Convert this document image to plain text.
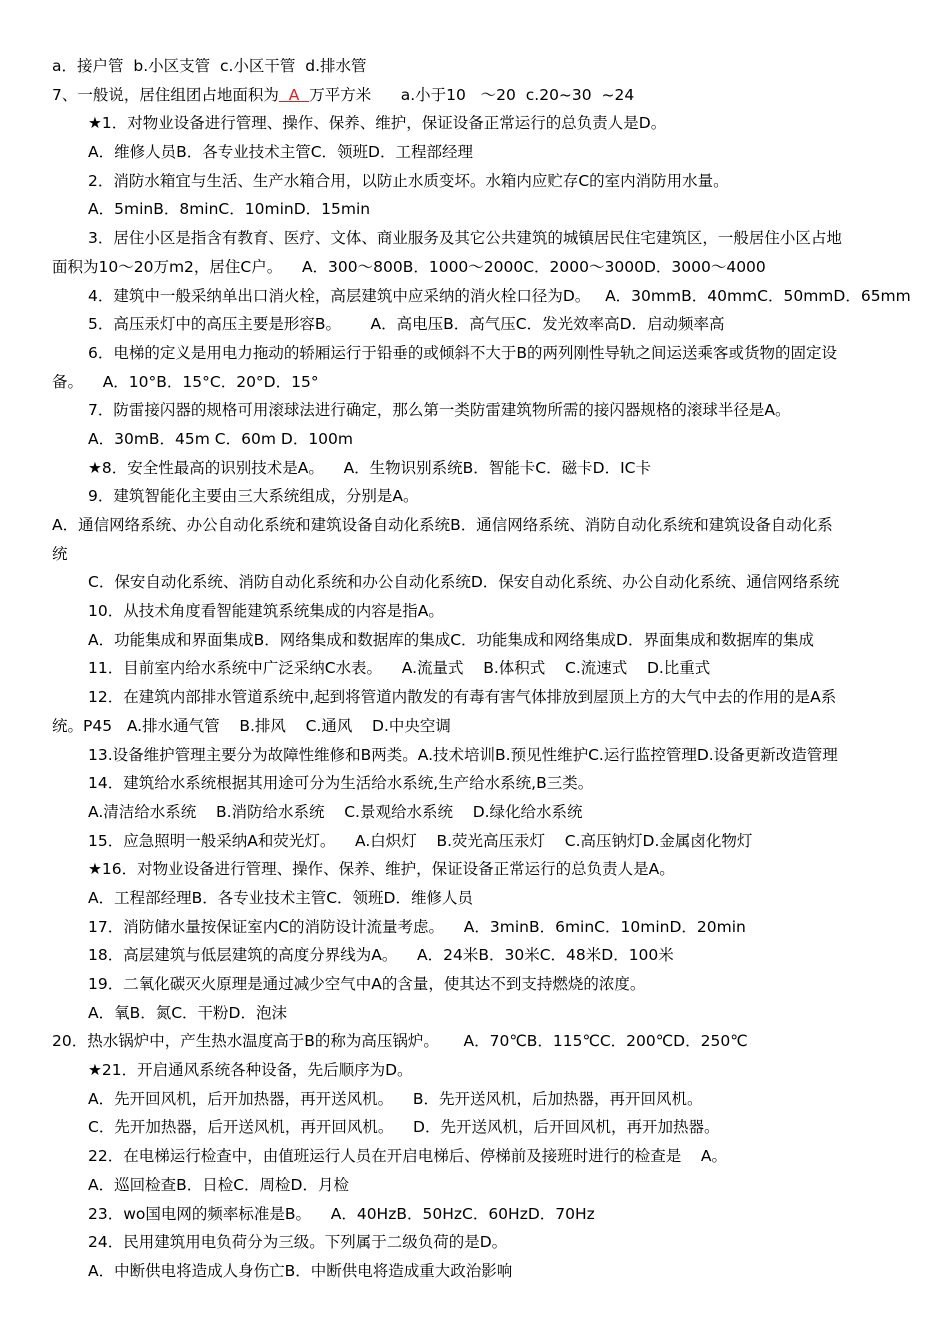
a．接户管  b.小区支管  c.小区干管  d.排水管
7、一般说，居住组团占地面积为  A  万平方米      a.小于10   ～20  c.20~30  ~24
★1．对物业设备进行管理、操作、保养、维护，保证设备正常运行的总负责人是D。
A．维修人员B．各专业技术主管C．领班D．工程部经理
2．消防水箱宜与生活、生产水箱合用，以防止水质变坏。水箱内应贮存C的室内消防用水量。
A．5minB．8minC．10minD．15min
3．居住小区是指含有教育、医疗、文体、商业服务及其它公共建筑的城镇居民住宅建筑区，一般居住小区占地
面积为10～20万m2，居住C户。    A．300～800B．1000～2000C．2000～3000D．3000～4000
4．建筑中一般采纳单出口消火栓，高层建筑中应采纳的消火栓口径为D。   A．30mmB．40mmC．50mmD．65mm
5．高压汞灯中的高压主要是形容B。      A．高电压B．高气压C．发光效率高D．启动频率高
6．电梯的定义是用电力拖动的轿厢运行于铅垂的或倾斜不大于B的两列刚性导轨之间运送乘客或货物的固定设
备。    A．10°B．15°C．20°D．15°
7．防雷接闪器的规格可用滚球法进行确定，那么第一类防雷建筑物所需的接闪器规格的滚球半径是A。
A．30mB．45m C．60m D．100m
★8．安全性最高的识别技术是A。    A．生物识别系统B．智能卡C．磁卡D．IC卡
9．建筑智能化主要由三大系统组成，分别是A。
A．通信网络系统、办公自动化系统和建筑设备自动化系统B．通信网络系统、消防自动化系统和建筑设备自动化系
统
C．保安自动化系统、消防自动化系统和办公自动化系统D．保安自动化系统、办公自动化系统、通信网络系统
10．从技术角度看智能建筑系统集成的内容是指A。
A．功能集成和界面集成B．网络集成和数据库的集成C．功能集成和网络集成D．界面集成和数据库的集成
11．目前室内给水系统中广泛采纳C水表。    A.流量式    B.体积式    C.流速式    D.比重式
12．在建筑内部排水管道系统中,起到将管道内散发的有毒有害气体排放到屋顶上方的大气中去的作用的是A系
统。P45   A.排水通气管    B.排风    C.通风    D.中央空调
13.设备维护管理主要分为故障性维修和B两类。A.技术培训B.预见性维护C.运行监控管理D.设备更新改造管理
14．建筑给水系统根据其用途可分为生活给水系统,生产给水系统,B三类。
A.清洁给水系统    B.消防给水系统    C.景观给水系统    D.绿化给水系统
15．应急照明一般采纳A和荧光灯。    A.白炽灯    B.荧光高压汞灯    C.高压钠灯D.金属卤化物灯
★16．对物业设备进行管理、操作、保养、维护，保证设备正常运行的总负责人是A。
A．工程部经理B．各专业技术主管C．领班D．维修人员
17．消防储水量按保证室内C的消防设计流量考虑。    A．3minB．6minC．10minD．20min
18．高层建筑与低层建筑的高度分界线为A。    A．24米B．30米C．48米D．100米
19．二氧化碳灭火原理是通过减少空气中A的含量，使其达不到支持燃烧的浓度。
A．氧B．氮C．干粉D．泡沫
20．热水锅炉中，产生热水温度高于B的称为高压锅炉。     A．70℃B．115℃C．200℃D．250℃
★21．开启通风系统各种设备，先后顺序为D。
A．先开回风机，后开加热器，再开送风机。    B．先开送风机，后加热器，再开回风机。
C．先开加热器，后开送风机，再开回风机。    D．先开送风机，后开回风机，再开加热器。
22．在电梯运行检查中，由值班运行人员在开启电梯后、停梯前及接班时进行的检查是    A。
A．巡回检查B．日检C．周检D．月检
23．wo国电网的频率标准是B。    A．40HzB．50HzC．60HzD．70Hz
24．民用建筑用电负荷分为三级。下列属于二级负荷的是D。
A．中断供电将造成人身伤亡B．中断供电将造成重大政治影响
